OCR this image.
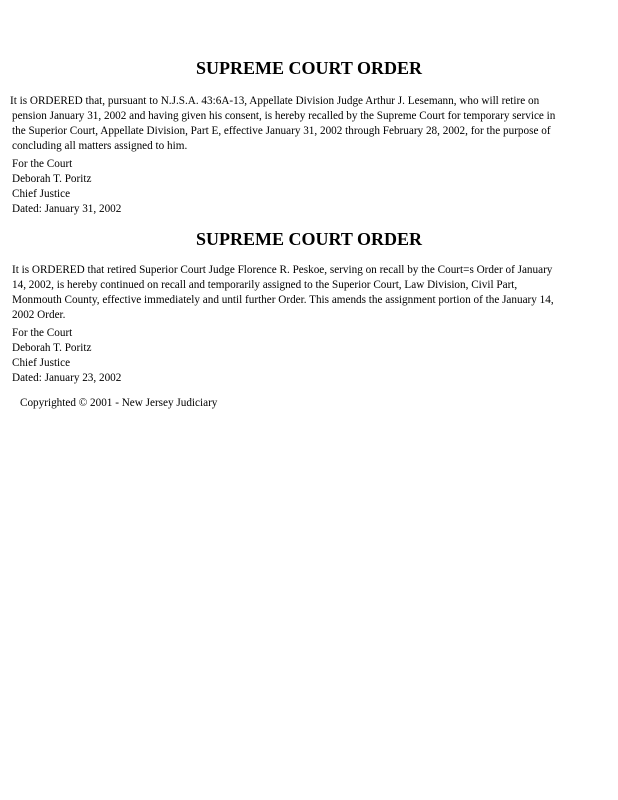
SUPREME COURT ORDER

It is ORDERED that, pursuant to N.J.S.A. 43:6A-13, Appellate Division Judge Arthur J. Lesemann, who will retire on
pension January 31, 2002 and having given his consent, is hereby recalled by the Supreme Court for temporary service in
the Superior Court, Appellate Division, Part E, effective January 31, 2002 through February 28, 2002, for the purpose of
concluding all matters assigned to him.

For the Court
Deborah T. Poritz
Chief Justice
Dated: January 31, 2002
SUPREME COURT ORDER

It is ORDERED that retired Superior Court Judge Florence R. Peskoe, serving on recall by the Court=s Order of January
14, 2002, is hereby continued on recall and temporarily assigned to the Superior Court, Law Division, Civil Part,
Monmouth County, effective immediately and until further Order. This amends the assignment portion of the January 14,
2002 Order.

For the Court
Deborah T. Poritz
Chief Justice
Dated: January 23, 2002
Copyrighted © 2001 - New Jersey Judiciary
